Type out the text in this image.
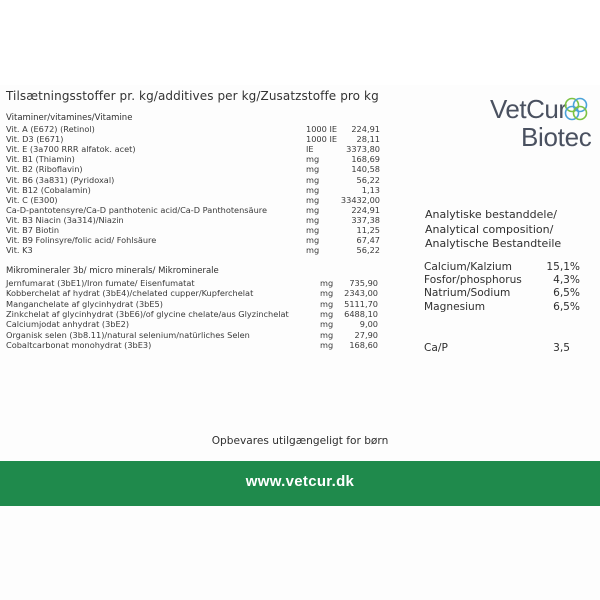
Tilsætningsstoffer pr. kg/additives per kg/Zusatzstoffe pro kg	VetCur
Biotec
Vitaminer/vitamines/Vitamine
Vit. A (E672) (Retinol)	1000 IE	224,91
Vit. D3 (E671)	1000 IE	28,11
Vit. E (3a700 RRR alfatok. acet)	IE	3373,80
Vit. B1 (Thiamin)	mg	168,69
Vit. B2 (Riboflavin)	mg	140,58
Vit. B6 (3a831) (Pyridoxal)	mg	56,22
Vit. B12 (Cobalamin)	mg	1,13
Vit. C (E300)	mg	33432,00
Ca-D-pantotensyre/Ca-D panthotenic acid/Ca-D Panthotensäure	mg	224,91
Vit. B3 Niacin (3a314)/Niazin	mg	337,38
Vit. B7 Biotin	mg	11,25
Vit. B9 Folinsyre/folic acid/ Fohlsäure	mg	67,47
Vit. K3	mg	56,22
Mikromineraler 3b/ micro minerals/ Mikrominerale
Jernfumarat (3bE1)/Iron fumate/ Eisenfumatat	mg	735,90
Kobberchelat af hydrat (3bE4)/chelated cupper/Kupferchelat	mg	2343,00
Manganchelate af glycinhydrat (3bE5)	mg	5111,70
Zinkchelat af glycinhydrat (3bE6)/of glycine chelate/aus Glyzinchelat	mg	6488,10
Calciumjodat anhydrat (3bE2)	mg	9,00
Organisk selen (3b8.11)/natural selenium/natürliches Selen	mg	27,90
Cobaltcarbonat monohydrat (3bE3)	mg	168,60
Analytiske bestanddele/
Analytical composition/
Analytische Bestandteile
Calcium/Kalzium	15,1%
Fosfor/phosphorus	4,3%
Natrium/Sodium	6,5%
Magnesium	6,5%
Ca/P	3,5
Opbevares utilgængeligt for børn
www.vetcur.dk
